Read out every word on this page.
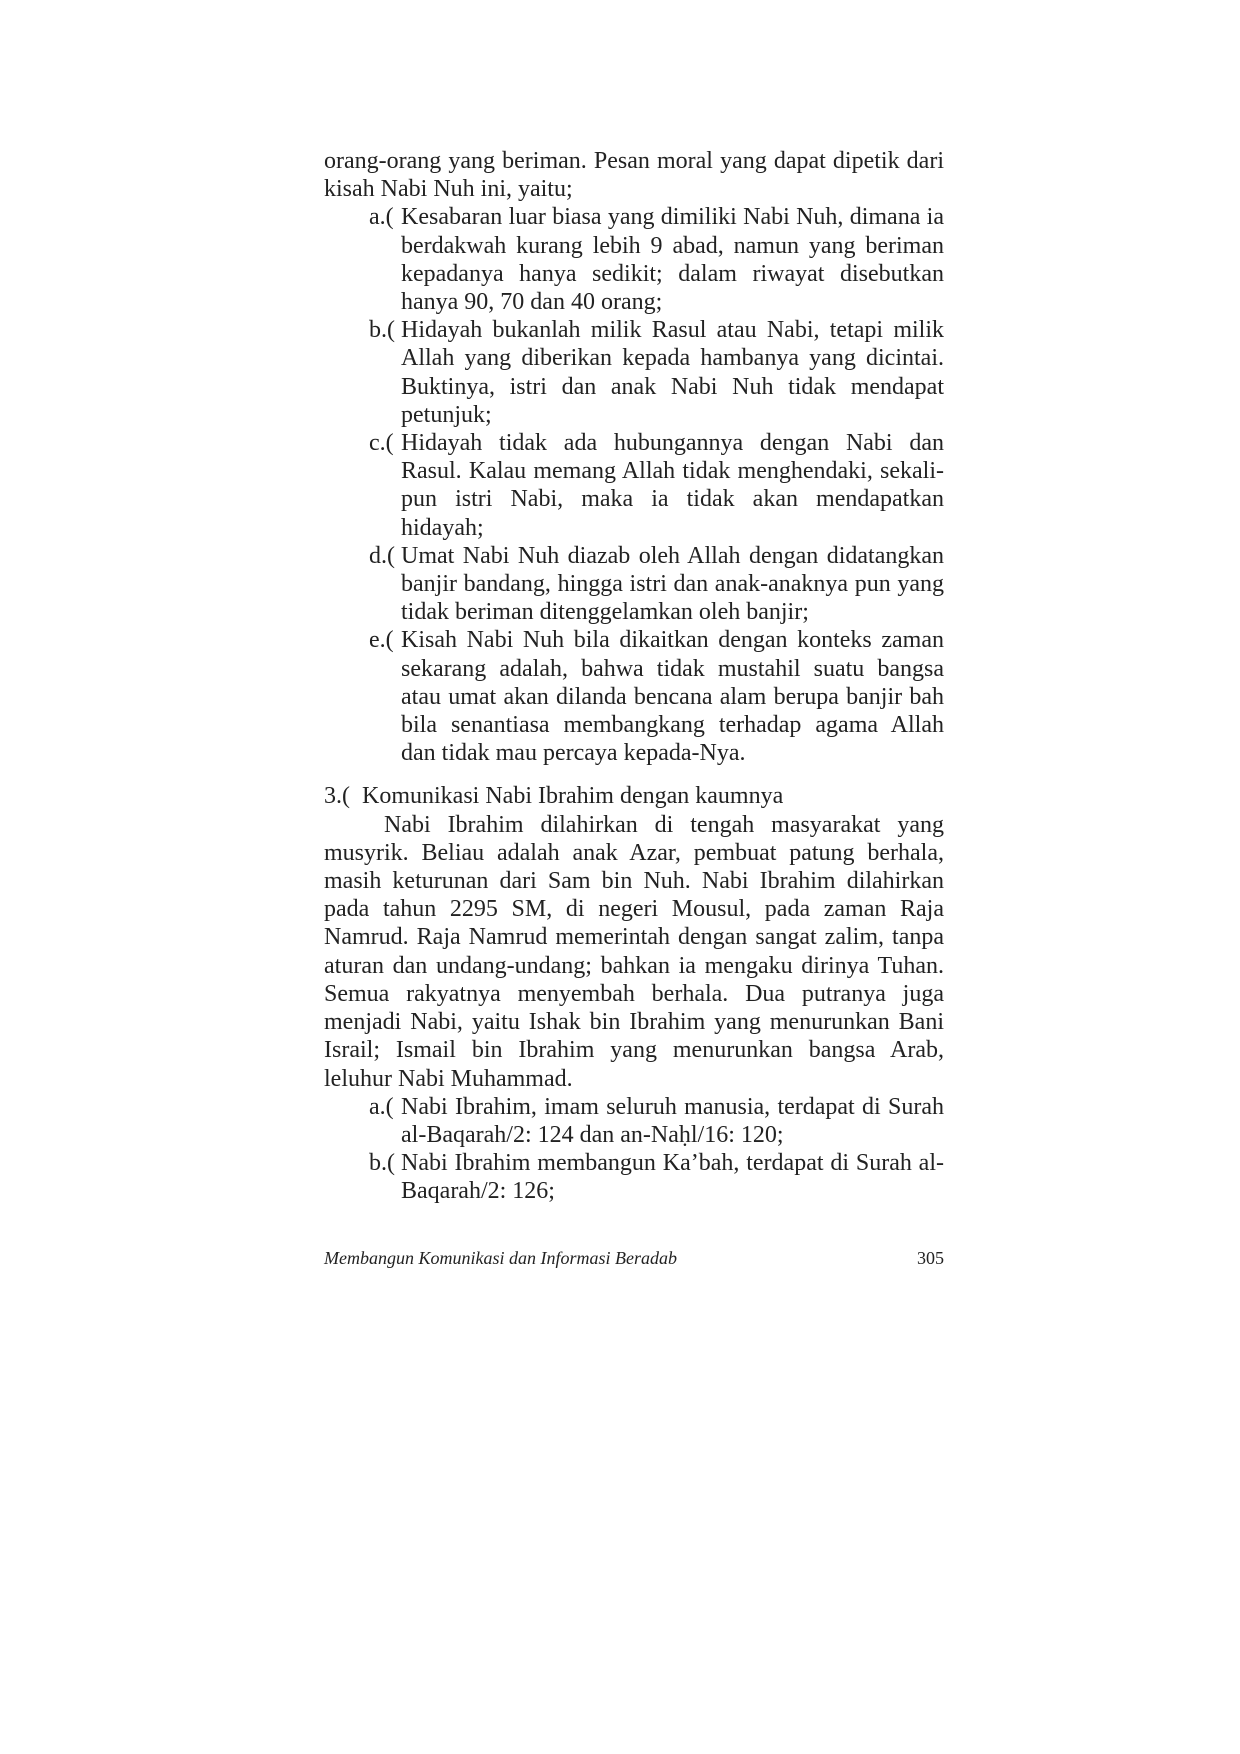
orang-orang yang beriman. Pesan moral yang dapat dipetik dari kisah Nabi Nuh ini, yaitu;

a.( Kesabaran luar biasa yang dimiliki Nabi Nuh, dimana ia berdakwah kurang lebih 9 abad, namun yang beriman kepadanya hanya sedikit; dalam riwayat disebutkan hanya 90, 70 dan 40 orang;
b.( Hidayah bukanlah milik Rasul atau Nabi, tetapi milik Allah yang diberikan kepada hambanya yang dicintai. Buktinya, istri dan anak Nabi Nuh tidak mendapat petunjuk;
c.( Hidayah tidak ada hubungannya dengan Nabi dan Rasul. Kalau memang Allah tidak menghendaki, sekali-pun istri Nabi, maka ia tidak akan mendapatkan hidayah;
d.( Umat Nabi Nuh diazab oleh Allah dengan didatangkan banjir bandang, hingga istri dan anak-anaknya pun yang tidak beriman ditenggelamkan oleh banjir;
e.( Kisah Nabi Nuh bila dikaitkan dengan konteks zaman sekarang adalah, bahwa tidak mustahil suatu bangsa atau umat akan dilanda bencana alam berupa banjir bah bila senantiasa membangkang terhadap agama Allah dan tidak mau percaya kepada-Nya.
3.( Komunikasi Nabi Ibrahim dengan kaumnya

Nabi Ibrahim dilahirkan di tengah masyarakat yang musyrik. Beliau adalah anak Azar, pembuat patung berhala, masih keturunan dari Sam bin Nuh. Nabi Ibrahim dilahirkan pada tahun 2295 SM, di negeri Mousul, pada zaman Raja Namrud. Raja Namrud memerintah dengan sangat zalim, tanpa aturan dan undang-undang; bahkan ia mengaku dirinya Tuhan. Semua rakyatnya menyembah berhala. Dua putranya juga menjadi Nabi, yaitu Ishak bin Ibrahim yang menurunkan Bani Israil; Ismail bin Ibrahim yang menurunkan bangsa Arab, leluhur Nabi Muhammad.

a.( Nabi Ibrahim, imam seluruh manusia, terdapat di Surah al-Baqarah/2: 124 dan an-Naḥl/16: 120;
b.( Nabi Ibrahim membangun Ka’bah, terdapat di Surah al-Baqarah/2: 126;
Membangun Komunikasi dan Informasi Beradab	305
